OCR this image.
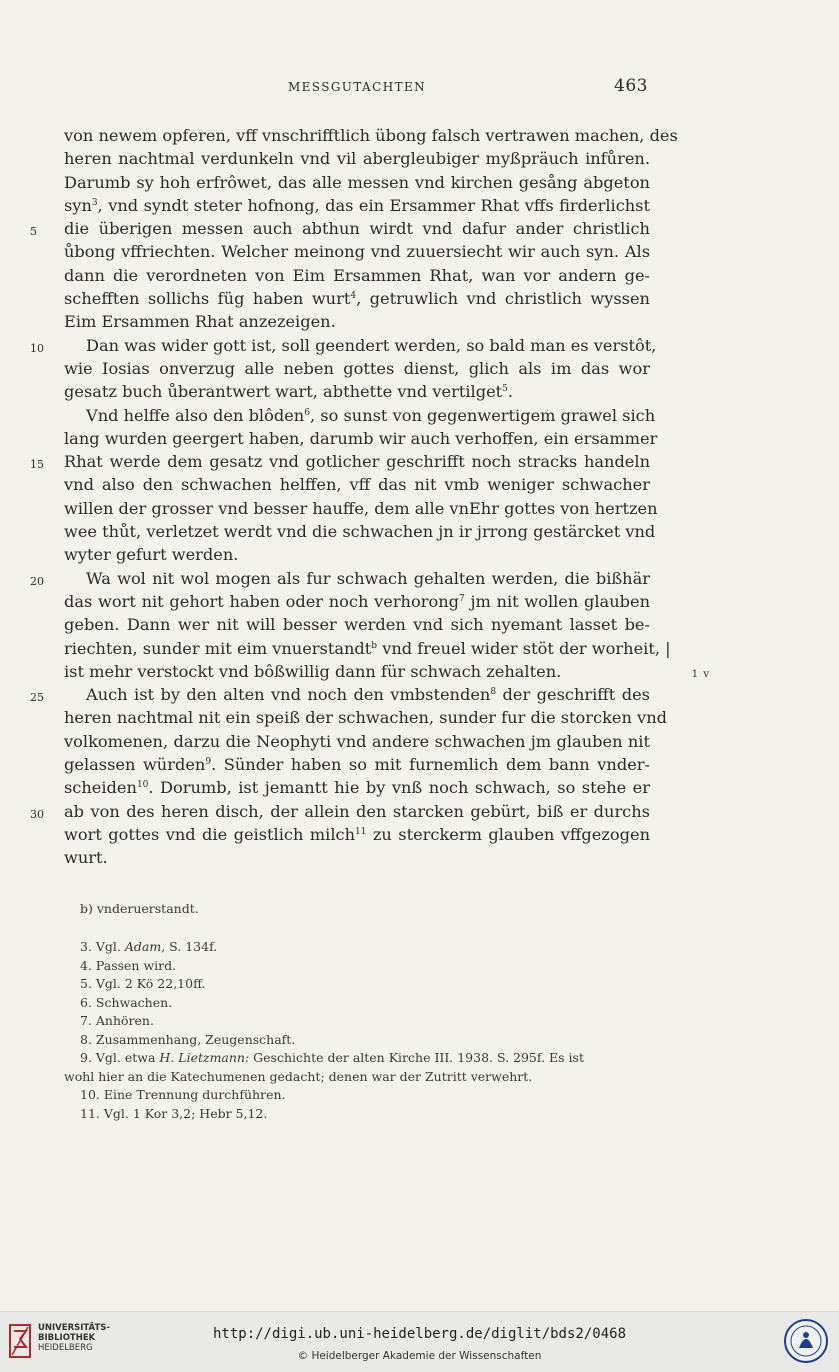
MESSGUTACHTEN	463
von newem opferen, vff vnschrifftlich übong falsch vertrawen machen, des
heren nachtmal verdunkeln vnd vil abergleubiger myßpräuch infůren.
Darumb sy hoh erfrôwet, das alle messen vnd kirchen gesång abgeton
syn$^3$, vnd syndt steter hofnong, das ein Ersammer Rhat vffs firderlichst
5	die überigen messen auch abthun wirdt vnd dafur ander christlich
ůbong vffriechten. Welcher meinong vnd zuuersiecht wir auch syn. Als
dann die verordneten von Eim Ersammen Rhat, wan vor andern ge-
schefften sollichs füg haben wurt$^4$, getruwlich vnd christlich wyssen
Eim Ersammen Rhat anzezeigen.
10	Dan was wider gott ist, soll geendert werden, so bald man es verstôt,
wie Iosias onverzug alle neben gottes dienst, glich als im das wor
gesatz buch ůberantwert wart, abthette vnd vertilget$^5$.
Vnd helffe also den blôden$^6$, so sunst von gegenwertigem grawel sich
lang wurden geergert haben, darumb wir auch verhoffen, ein ersammer
15	Rhat werde dem gesatz vnd gotlicher geschrifft noch stracks handeln
vnd also den schwachen helffen, vff das nit vmb weniger schwacher
willen der grosser vnd besser hauffe, dem alle vnEhr gottes von hertzen
wee thůt, verletzet werdt vnd die schwachen jn ir jrrong gestärcket vnd
wyter gefurt werden.
20	Wa wol nit wol mogen als fur schwach gehalten werden, die bißhär
das wort nit gehort haben oder noch verhorong$^7$ jm nit wollen glauben
geben. Dann wer nit will besser werden vnd sich nyemant lasset be-
riechten, sunder mit eim vnuerstandt$^b$ vnd freuel wider stöt der worheit, |
ist mehr verstockt vnd bôßwillig dann für schwach zehalten.	1 v
25	Auch ist by den alten vnd noch den vmbstenden$^8$ der geschrifft des
heren nachtmal nit ein speiß der schwachen, sunder fur die storcken vnd
volkomenen, darzu die Neophyti vnd andere schwachen jm glauben nit
gelassen würden$^9$. Sünder haben so mit furnemlich dem bann vnder-
scheiden$^{10}$. Dorumb, ist jemantt hie by vnß noch schwach, so stehe er
30	ab von des heren disch, der allein den starcken gebürt, biß er durchs
wort gottes vnd die geistlich milch$^{11}$ zu sterckerm glauben vffgezogen
wurt.
b) vnderuerstandt.
3. Vgl. Adam, S. 134f.
4. Passen wird.
5. Vgl. 2 Kö 22,10ff.
6. Schwachen.
7. Anhören.
8. Zusammenhang, Zeugenschaft.
9. Vgl. etwa H. Lietzmann: Geschichte der alten Kirche III. 1938. S. 295f. Es ist
wohl hier an die Katechumenen gedacht; denen war der Zutritt verwehrt.
10. Eine Trennung durchführen.
11. Vgl. 1 Kor 3,2; Hebr 5,12.
UNIVERSITÄTS-
BIBLIOTHEK
HEIDELBERG
http://digi.ub.uni-heidelberg.de/diglit/bds2/0468
© Heidelberger Akademie der Wissenschaften
